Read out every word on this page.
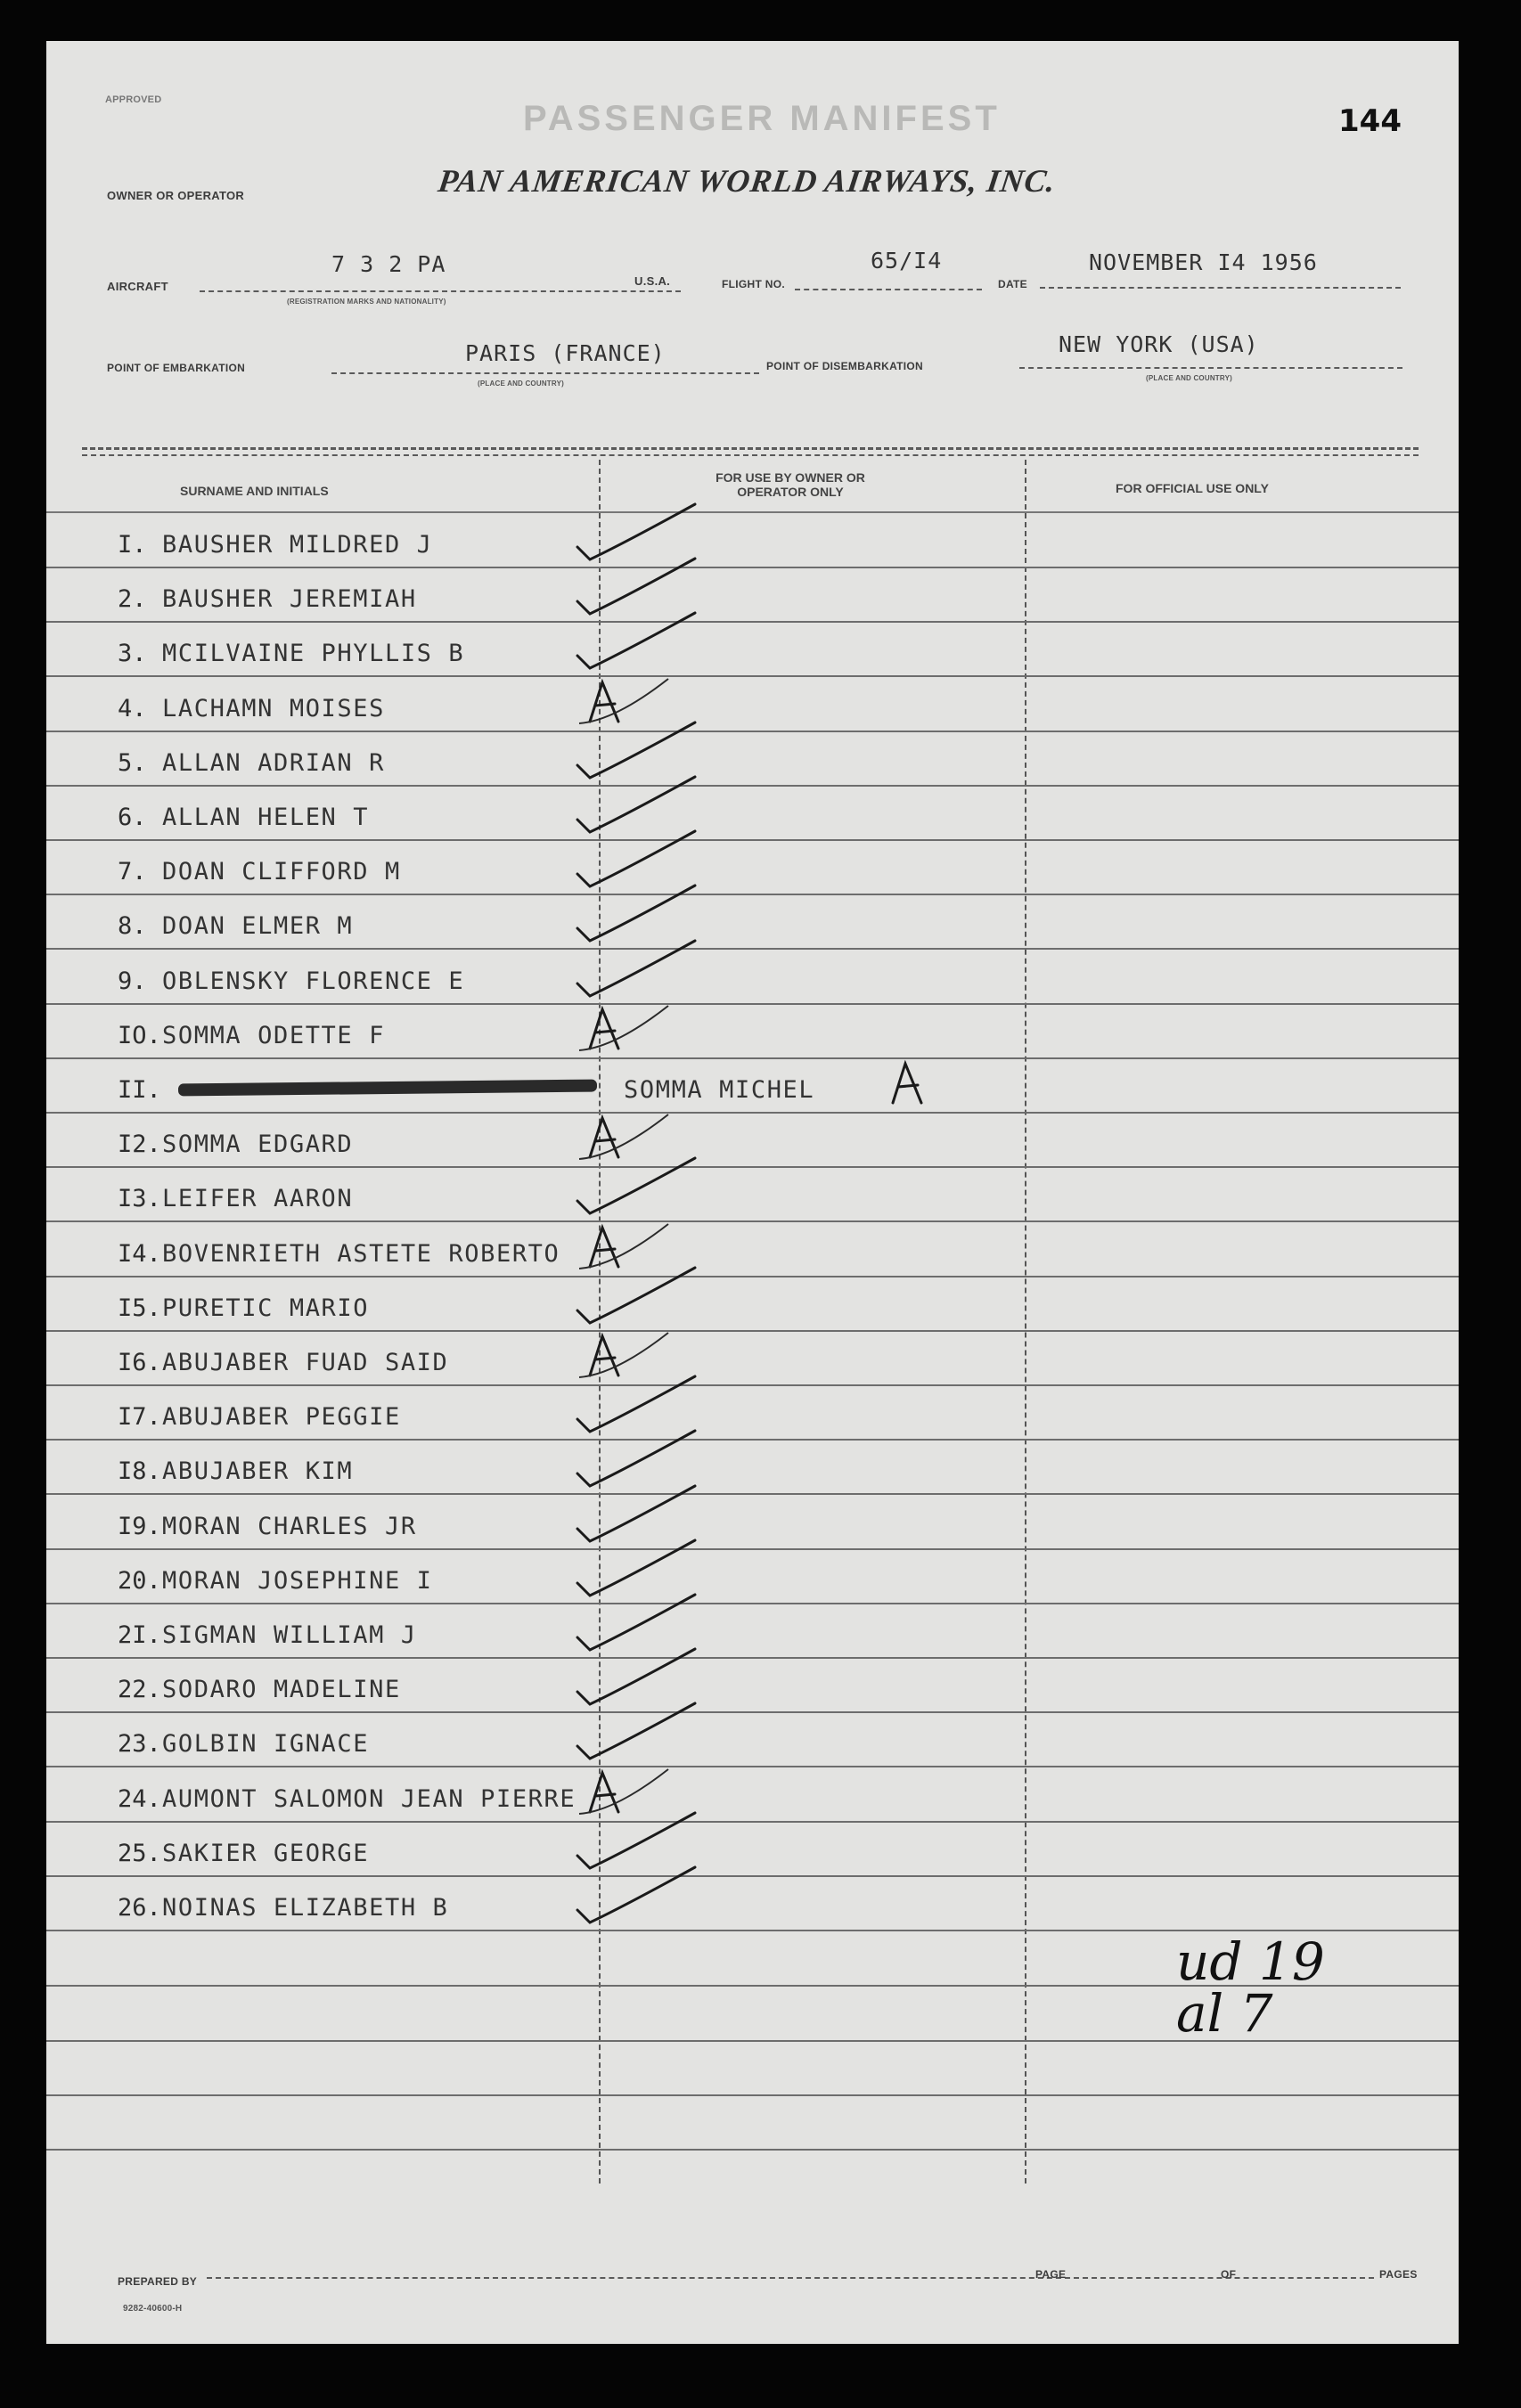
APPROVED	PASSENGER MANIFEST	144
OWNER OR OPERATOR	PAN AMERICAN WORLD AIRWAYS, INC.
AIRCRAFT
7 3 2 PA
(REGISTRATION MARKS AND NATIONALITY)
U.S.A.	FLIGHT NO.
65/I4
DATE
NOVEMBER I4 1956
POINT OF EMBARKATION
PARIS (FRANCE)
(PLACE AND COUNTRY)
POINT OF DISEMBARKATION
NEW YORK (USA)
(PLACE AND COUNTRY)
SURNAME AND INITIALS
FOR USE BY OWNER OR OPERATOR ONLY	FOR OFFICIAL USE ONLY
I. BAUSHER MILDRED J
2. BAUSHER JEREMIAH
3. MCILVAINE PHYLLIS B
4. LACHAMN MOISES
5. ALLAN ADRIAN R
6. ALLAN HELEN T
7. DOAN CLIFFORD M
8. DOAN ELMER M
9. OBLENSKY FLORENCE E
IO. SOMMA ODETTE F
II.	SOMMA MICHEL
I2. SOMMA EDGARD
I3. LEIFER AARON
I4. BOVENRIETH ASTETE ROBERTO
I5. PURETIC MARIO
I6. ABUJABER FUAD SAID
I7. ABUJABER PEGGIE
I8. ABUJABER KIM
I9. MORAN CHARLES JR
20. MORAN JOSEPHINE I
2I. SIGMAN WILLIAM J
22. SODARO MADELINE
23. GOLBIN IGNACE
24. AUMONT SALOMON JEAN PIERRE
25. SAKIER GEORGE
26. NOINAS ELIZABETH B
ud 19
al 7
PREPARED BY
9282-40600-H
PAGE	OF	PAGES
